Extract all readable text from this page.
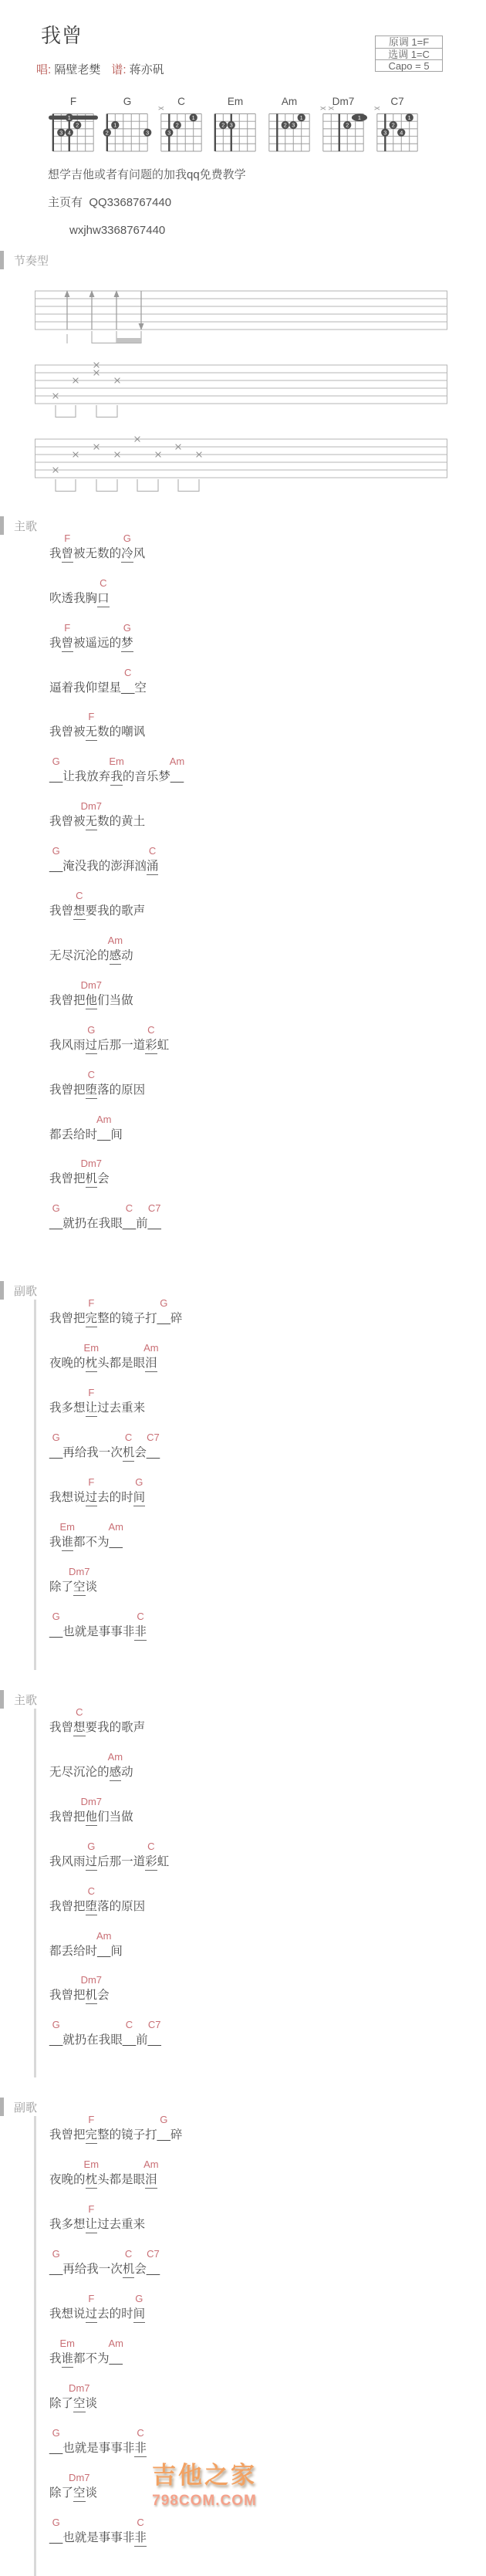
我曾
唱: 隔壁老樊 谱: 蒋亦矾
原调 1=F
选调 1=C
Capo = 5
F
1
2
3 4
G
1
2	3
C
1
2
3
Em
2 3
Am
1
2 3
Dm7
1
2
C7
1
2
3 4
想学吉他或者有问题的加我qq免费教学
主页有  QQ3368767440
wxjhw3368767440
节奏型
主歌
我
F
曾被无数的
G
冷风
吹透我胸
C
口
我
F
曾被遥远的
G
梦
逼着我仰望星
C
__空
我曾被
F
无数的嘲讽
G
__让我放弃
Em
我的音乐梦
Am
__
我曾被
Dm7
无数的黄土
G
__淹没我的澎湃汹
C
涌
我曾
C
想要我的歌声
无尽沉沦的
Am
感动
我曾把
Dm7
他们当做
我风雨
G
过后那一道
C
彩虹
我曾把
C
堕落的原因
都丢给时
Am
__间
我曾把
Dm7
机会
G
__就扔在我眼
C
__前
C7
__
副歌
我曾把
F
完整的镜子打
G
__碎
夜晚的
Em
枕头都是眼
Am
泪
我多想
F
让过去重来
G
__再给我一次
C
机会
C7
__
我想说
F
过去的时
G
间
我
Em
谁都不为
Am
__
除了
Dm7
空谈
G
__也就是事事非
C
非
主歌
我曾
C
想要我的歌声
无尽沉沦的
Am
感动
我曾把
Dm7
他们当做
我风雨
G
过后那一道
C
彩虹
我曾把
C
堕落的原因
都丢给时
Am
__间
我曾把
Dm7
机会
G
__就扔在我眼
C
__前
C7
__
副歌
我曾把
F
完整的镜子打
G
__碎
夜晚的
Em
枕头都是眼
Am
泪
我多想
F
让过去重来
G
__再给我一次
C
机会
C7
__
我想说
F
过去的时
G
间
我
Em
谁都不为
Am
__
除了
Dm7
空谈
G
__也就是事事非
C
非
除了
Dm7
空谈
G
__也就是事事非
C
非
吉他之家
798COM.COM
